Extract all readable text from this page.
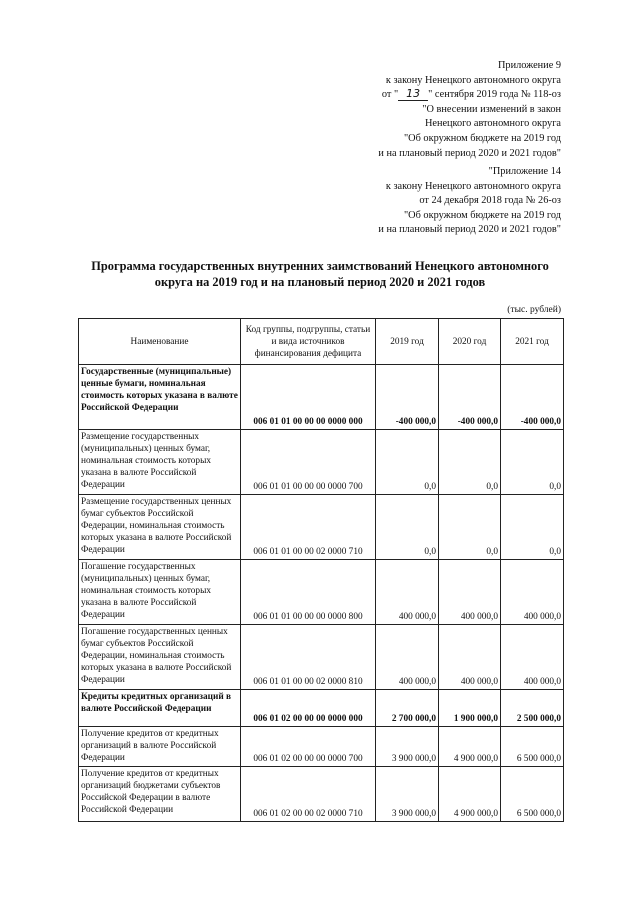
Приложение 9
к закону Ненецкого автономного округа
от " 13 " сентября 2019 года № 118-оз
"О внесении изменений в закон
Ненецкого автономного округа
"Об окружном бюджете на 2019 год
и на плановый период 2020 и 2021 годов"
"Приложение 14
к закону Ненецкого автономного округа
от 24 декабря 2018 года № 26-оз
"Об окружном бюджете на 2019 год
и на плановый период 2020 и 2021 годов"
Программа государственных внутренних заимствований Ненецкого автономного
округа на 2019 год и на плановый период 2020 и 2021 годов
(тыс. рублей)
Наименование	Код группы, подгруппы, статьи и вида источников финансирования дефицита	2019 год	2020 год	2021 год
Государственные (муниципальные) ценные бумаги, номинальная стоимость которых указана в валюте Российской Федерации	006 01 01 00 00 00 0000 000	-400 000,0	-400 000,0	-400 000,0
Размещение государственных (муниципальных) ценных бумаг, номинальная стоимость которых указана в валюте Российской Федерации	006 01 01 00 00 00 0000 700	0,0	0,0	0,0
Размещение государственных ценных бумаг субъектов Российской Федерации, номинальная стоимость которых указана в валюте Российской Федерации	006 01 01 00 00 02 0000 710	0,0	0,0	0,0
Погашение государственных (муниципальных) ценных бумаг, номинальная стоимость которых указана в валюте Российской Федерации	006 01 01 00 00 00 0000 800	400 000,0	400 000,0	400 000,0
Погашение государственных ценных бумаг субъектов Российской Федерации, номинальная стоимость которых указана в валюте Российской Федерации	006 01 01 00 00 02 0000 810	400 000,0	400 000,0	400 000,0
Кредиты кредитных организаций в валюте Российской Федерации	006 01 02 00 00 00 0000 000	2 700 000,0	1 900 000,0	2 500 000,0
Получение кредитов от кредитных организаций в валюте Российской Федерации	006 01 02 00 00 00 0000 700	3 900 000,0	4 900 000,0	6 500 000,0
Получение кредитов от кредитных организаций бюджетами субъектов Российской Федерации в валюте Российской Федерации	006 01 02 00 00 02 0000 710	3 900 000,0	4 900 000,0	6 500 000,0
